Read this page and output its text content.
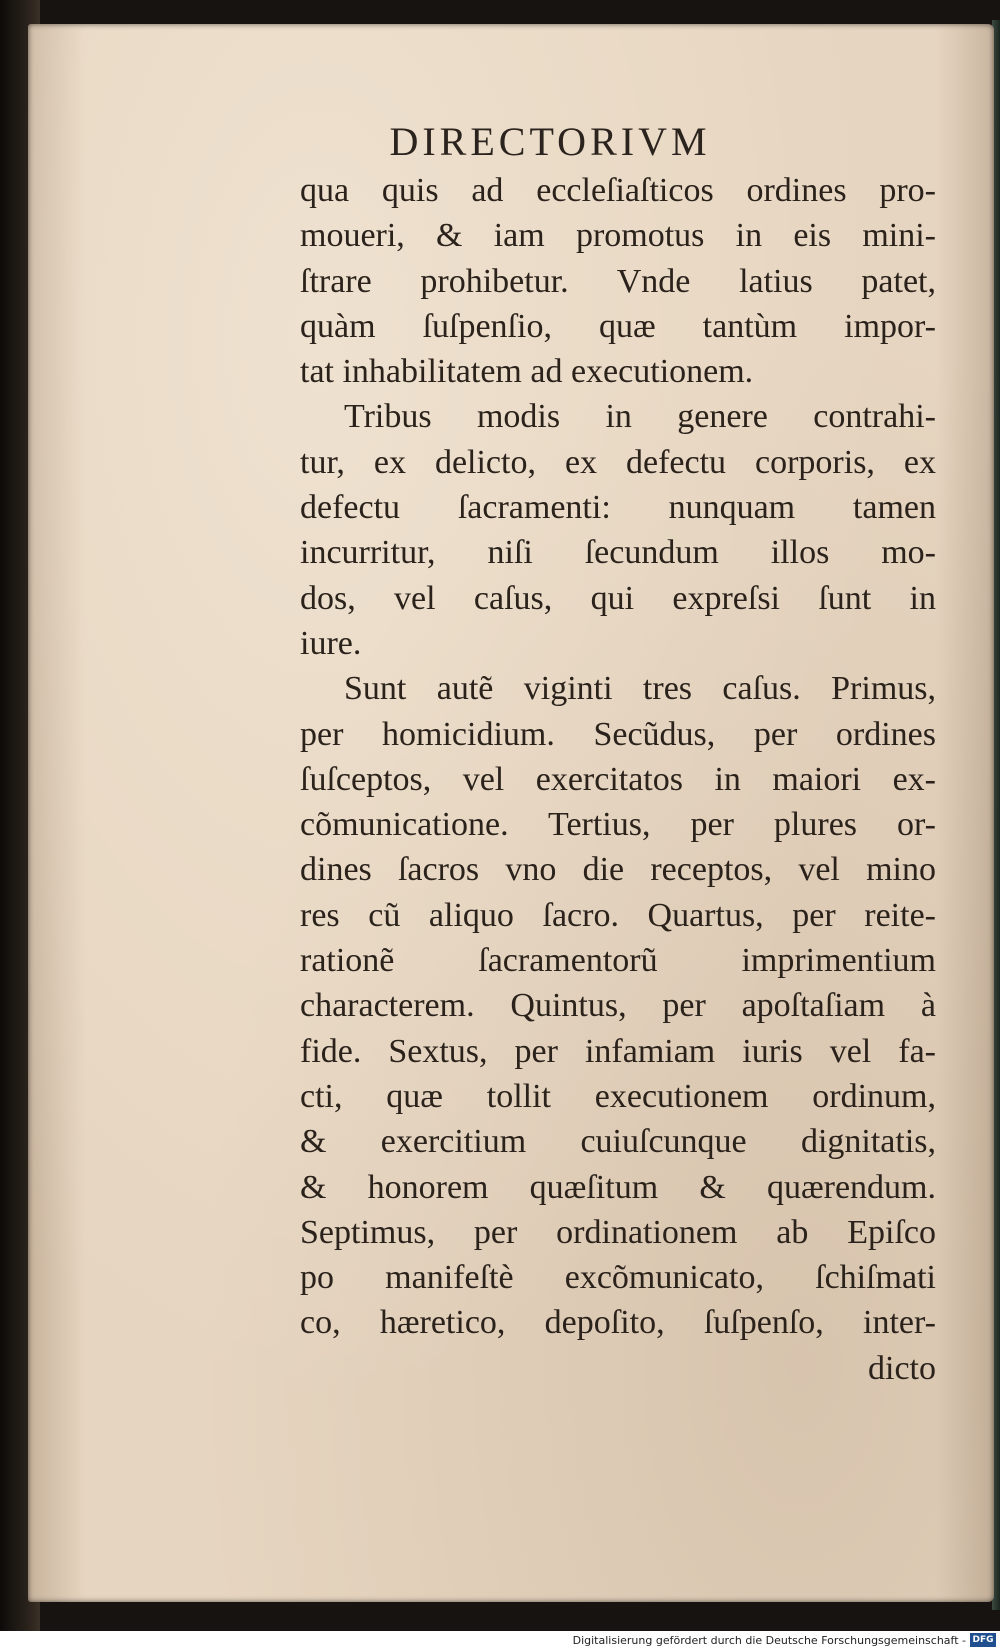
DIRECTORIVM
qua quis ad eccleſiaſticos ordines pro-
moueri, & iam promotus in eis mini-
ſtrare prohibetur. Vnde latius patet,
quàm ſuſpenſio, quæ tantùm impor-
tat inhabilitatem ad executionem.
Tribus modis in genere contrahi-
tur, ex delicto, ex defectu corporis, ex
defectu ſacramenti: nunquam tamen
incurritur, niſi ſecundum illos mo-
dos, vel caſus, qui expreſsi ſunt in
iure.
Sunt autẽ viginti tres caſus. Primus,
per homicidium. Secũdus, per ordines
ſuſceptos, vel exercitatos in maiori ex-
cõmunicatione. Tertius, per plures or-
dines ſacros vno die receptos, vel mino
res cũ aliquo ſacro. Quartus, per reite-
rationẽ ſacramentorũ imprimentium
characterem. Quintus, per apoſtaſiam à
fide. Sextus, per infamiam iuris vel fa-
cti, quæ tollit executionem ordinum,
& exercitium cuiuſcunque dignitatis,
& honorem quæſitum & quærendum.
Septimus, per ordinationem ab Epiſco
po manifeſtè excõmunicato, ſchiſmati
co, hæretico, depoſito, ſuſpenſo, inter-
dicto
Digitalisierung gefördert durch die Deutsche Forschungsgemeinschaft - DFG
